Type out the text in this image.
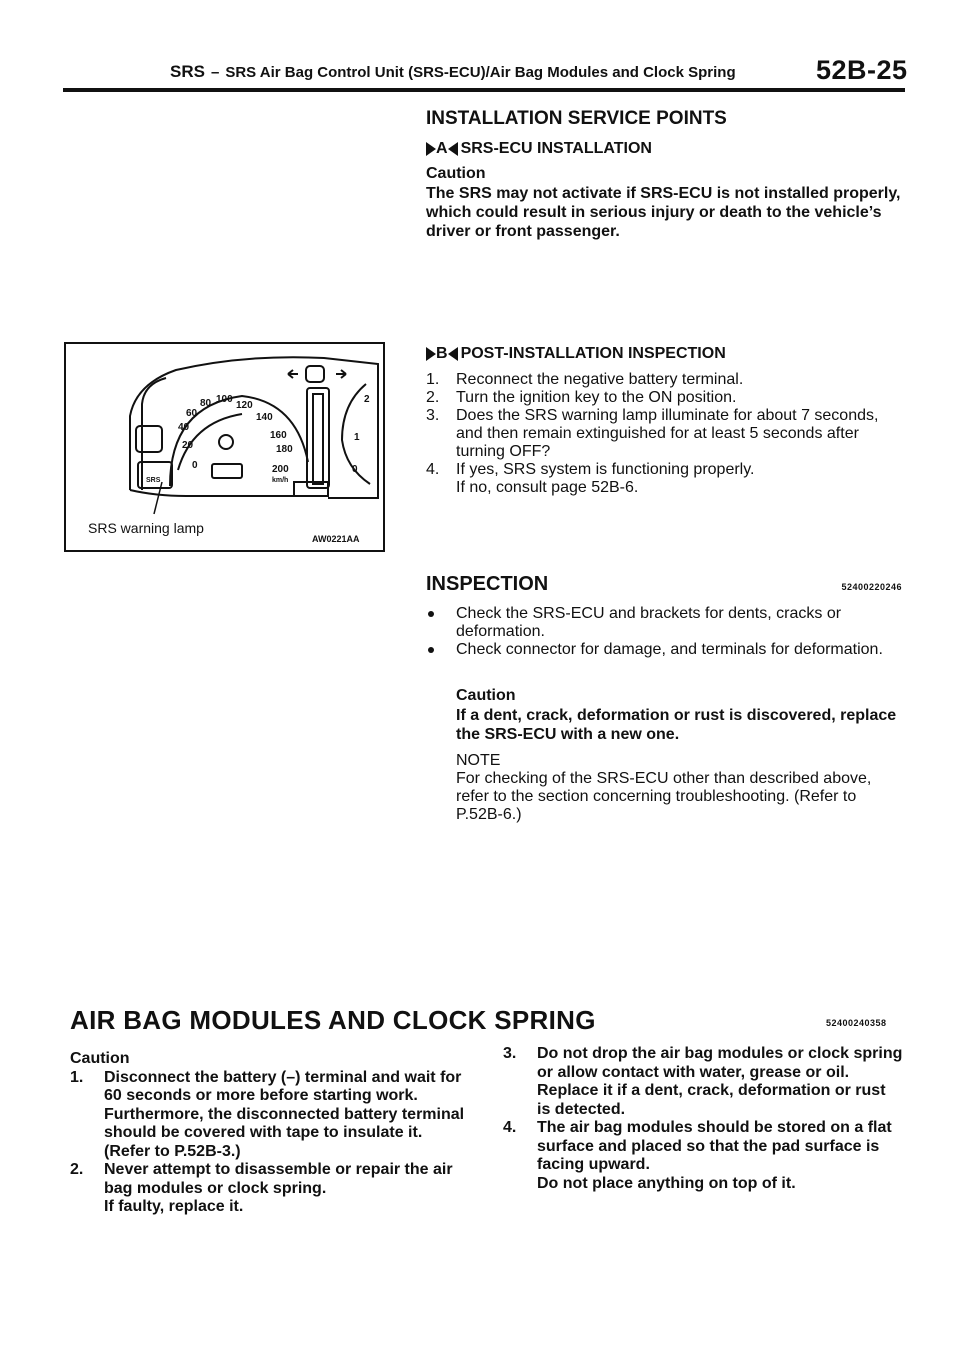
SRS – SRS Air Bag Control Unit (SRS-ECU)/Air Bag Modules and Clock Spring	52B-25
INSTALLATION SERVICE POINTS
A SRS-ECU INSTALLATION
Caution
The SRS may not activate if SRS-ECU is not installed properly, which could result in serious injury or death to the vehicle’s driver or front passenger.
B POST-INSTALLATION INSPECTION
1. Reconnect the negative battery terminal.
2. Turn the ignition key to the ON position.
3. Does the SRS warning lamp illuminate for about 7 seconds, and then remain extinguished for at least 5 seconds after turning OFF?
4. If yes, SRS system is functioning properly.
If no, consult page 52B-6.
100
80 120
60	140
40
160
20	180
0	200
km/h
2
1
0
SRS
SRS warning lamp
AW0221AA
INSPECTION	52400220246
Check the SRS-ECU and brackets for dents, cracks or deformation.
Check connector for damage, and terminals for deformation.
Caution
If a dent, crack, deformation or rust is discovered, replace the SRS-ECU with a new one.
NOTE
For checking of the SRS-ECU other than described above, refer to the section concerning troubleshooting. (Refer to P.52B-6.)
AIR BAG MODULES AND CLOCK SPRING	52400240358
Caution
1. Disconnect the battery (–) terminal and wait for 60 seconds or more before starting work. Furthermore, the disconnected battery terminal should be covered with tape to insulate it. (Refer to P.52B-3.)
2. Never attempt to disassemble or repair the air bag modules or clock spring.
If faulty, replace it.
3. Do not drop the air bag modules or clock spring or allow contact with water, grease or oil.
Replace it if a dent, crack, deformation or rust is detected.
4. The air bag modules should be stored on a flat surface and placed so that the pad surface is facing upward.
Do not place anything on top of it.
